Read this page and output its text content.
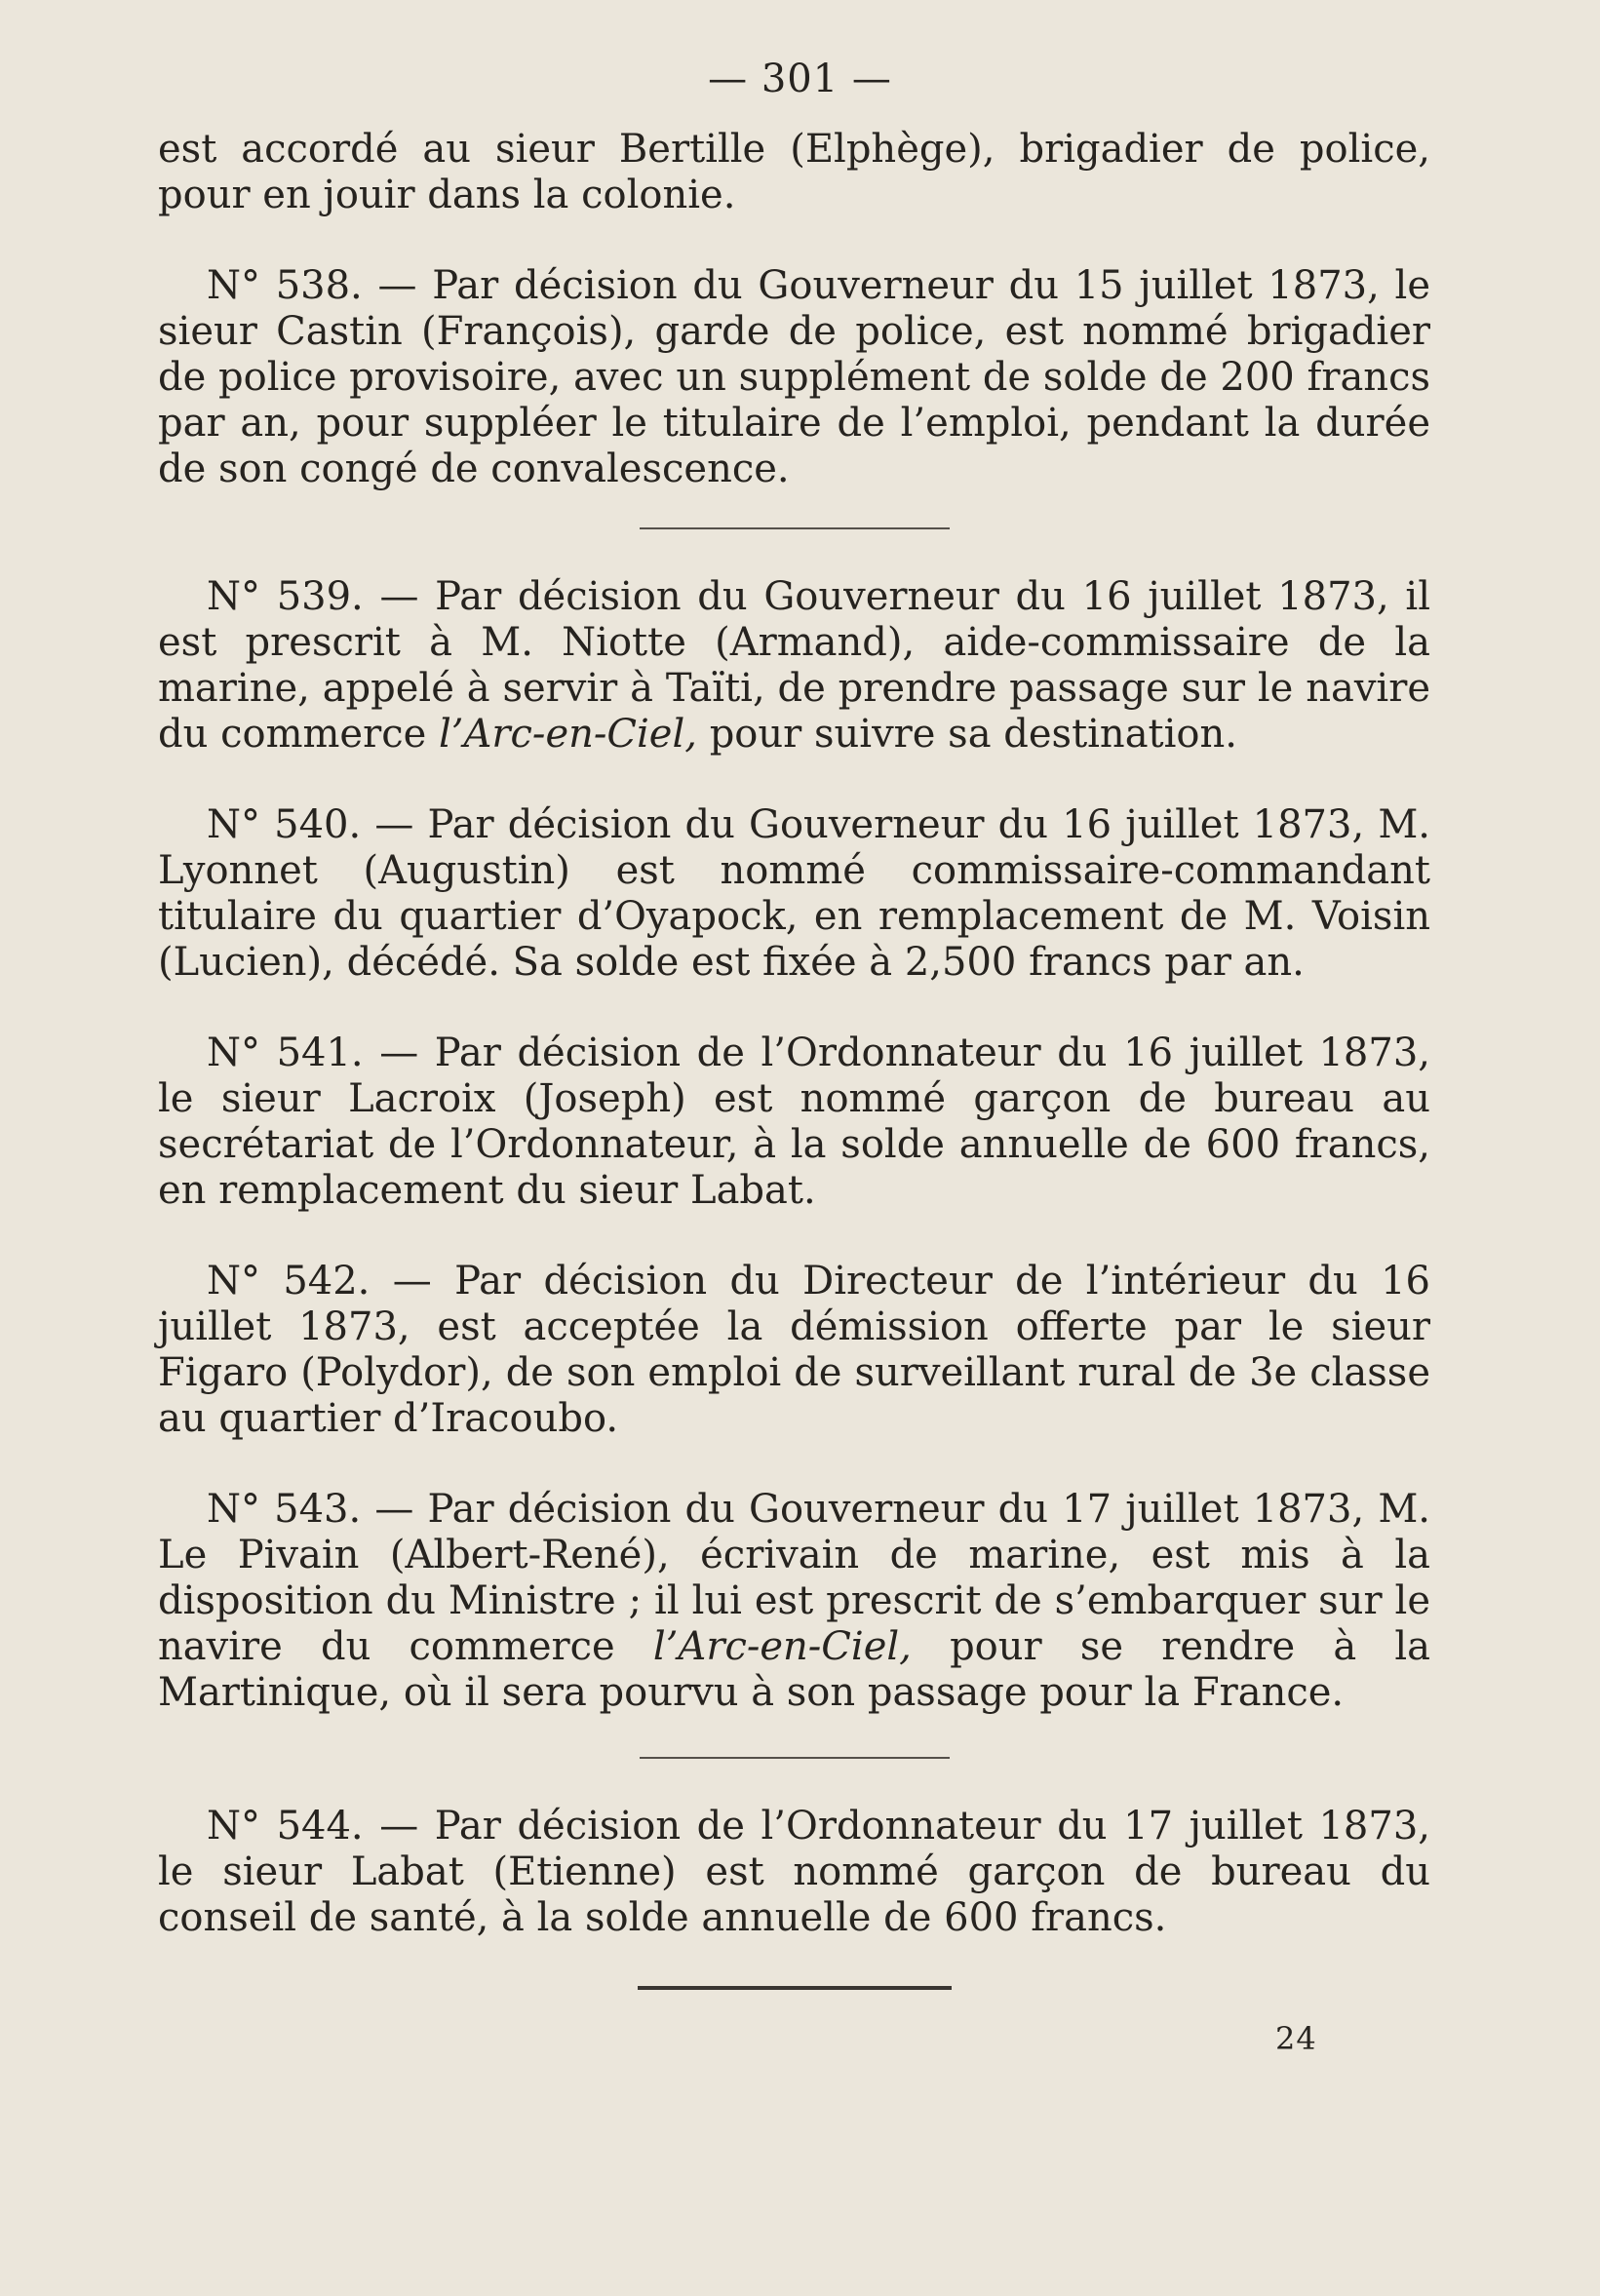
— 301 —

est accordé au sieur Bertille (Elphège), brigadier de police, pour en jouir dans la colonie.

N° 538. — Par décision du Gouverneur du 15 juillet 1873, le sieur Castin (François), garde de police, est nommé brigadier de police provisoire, avec un supplément de solde de 200 francs par an, pour suppléer le titulaire de l’emploi, pendant la durée de son congé de convalescence.

N° 539. — Par décision du Gouverneur du 16 juillet 1873, il est prescrit à M. Niotte (Armand), aide-commissaire de la marine, appelé à servir à Taïti, de prendre passage sur le navire du commerce l’Arc-en-Ciel, pour suivre sa destination.

N° 540. — Par décision du Gouverneur du 16 juillet 1873, M. Lyonnet (Augustin) est nommé commissaire-commandant titulaire du quartier d’Oyapock, en remplacement de M. Voisin (Lucien), décédé. Sa solde est fixée à 2,500 francs par an.

N° 541. — Par décision de l’Ordonnateur du 16 juillet 1873, le sieur Lacroix (Joseph) est nommé garçon de bureau au secrétariat de l’Ordonnateur, à la solde annuelle de 600 francs, en remplacement du sieur Labat.

N° 542. — Par décision du Directeur de l’intérieur du 16 juillet 1873, est acceptée la démission offerte par le sieur Figaro (Polydor), de son emploi de surveillant rural de 3e classe au quartier d’Iracoubo.

N° 543. — Par décision du Gouverneur du 17 juillet 1873, M. Le Pivain (Albert-René), écrivain de marine, est mis à la disposition du Ministre ; il lui est prescrit de s’embarquer sur le navire du commerce l’Arc-en-Ciel, pour se rendre à la Martinique, où il sera pourvu à son passage pour la France.

N° 544. — Par décision de l’Ordonnateur du 17 juillet 1873, le sieur Labat (Etienne) est nommé garçon de bureau du conseil de santé, à la solde annuelle de 600 francs.

24
